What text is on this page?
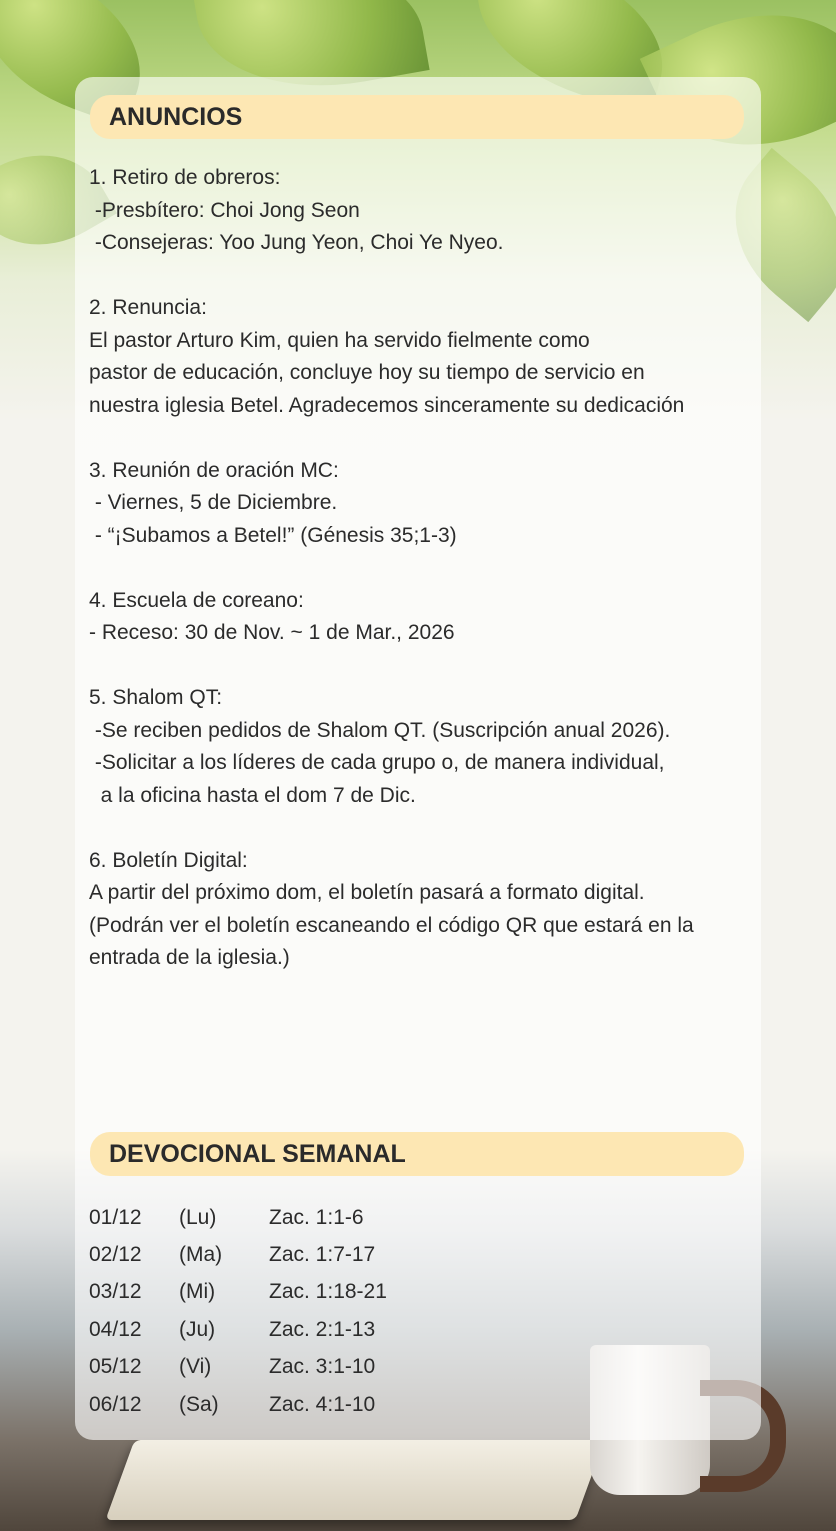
ANUNCIOS
1. Retiro de obreros:
-Presbítero: Choi Jong Seon
-Consejeras: Yoo Jung Yeon, Choi Ye Nyeo.

2. Renuncia:
El pastor Arturo Kim, quien ha servido fielmente como
pastor de educación, concluye hoy su tiempo de servicio en
nuestra iglesia Betel. Agradecemos sinceramente su dedicación

3. Reunión de oración MC:
- Viernes, 5 de Diciembre.
- “¡Subamos a Betel!” (Génesis 35;1-3)

4. Escuela de coreano:
- Receso: 30 de Nov. ~ 1 de Mar., 2026

5. Shalom QT:
-Se reciben pedidos de Shalom QT. (Suscripción anual 2026).
-Solicitar a los líderes de cada grupo o, de manera individual,
a la oficina hasta el dom 7 de Dic.

6. Boletín Digital:
A partir del próximo dom, el boletín pasará a formato digital.
(Podrán ver el boletín escaneando el código QR que estará en la
entrada de la iglesia.)
DEVOCIONAL SEMANAL
01/12	(Lu)	Zac. 1:1-6
02/12	(Ma)	Zac. 1:7-17
03/12	(Mi)	Zac. 1:18-21
04/12	(Ju)	Zac. 2:1-13
05/12	(Vi)	Zac. 3:1-10
06/12	(Sa)	Zac. 4:1-10
